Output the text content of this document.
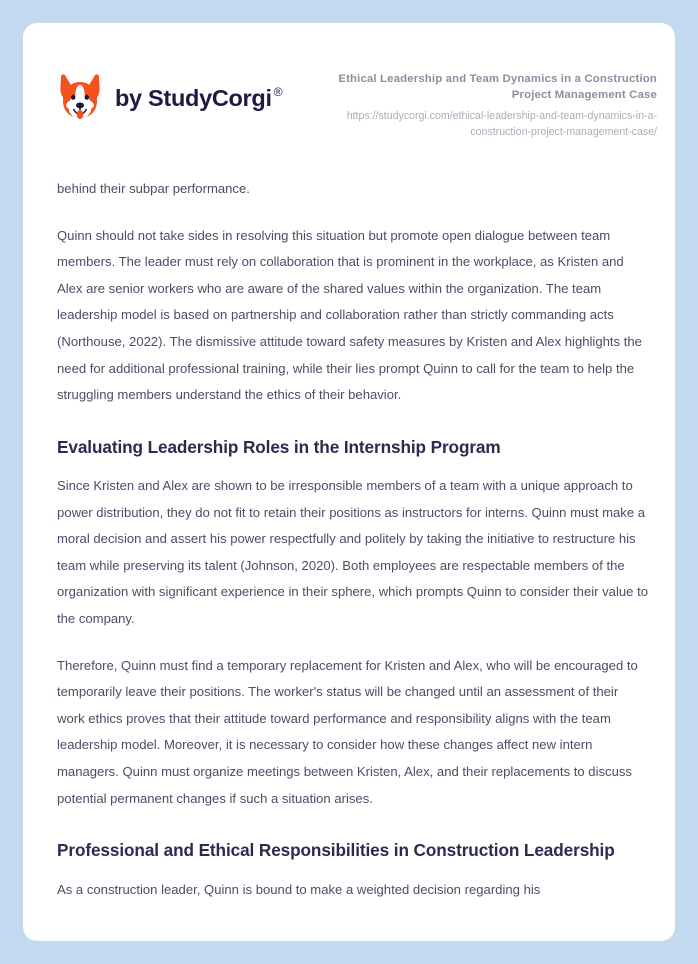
by StudyCorgi ®

Ethical Leadership and Team Dynamics in a Construction Project Management Case

https://studycorgi.com/ethical-leadership-and-team-dynamics-in-a-construction-project-management-case/

behind their subpar performance.

Quinn should not take sides in resolving this situation but promote open dialogue between team members. The leader must rely on collaboration that is prominent in the workplace, as Kristen and Alex are senior workers who are aware of the shared values within the organization. The team leadership model is based on partnership and collaboration rather than strictly commanding acts (Northouse, 2022). The dismissive attitude toward safety measures by Kristen and Alex highlights the need for additional professional training, while their lies prompt Quinn to call for the team to help the struggling members understand the ethics of their behavior.

Evaluating Leadership Roles in the Internship Program

Since Kristen and Alex are shown to be irresponsible members of a team with a unique approach to power distribution, they do not fit to retain their positions as instructors for interns. Quinn must make a moral decision and assert his power respectfully and politely by taking the initiative to restructure his team while preserving its talent (Johnson, 2020). Both employees are respectable members of the organization with significant experience in their sphere, which prompts Quinn to consider their value to the company.

Therefore, Quinn must find a temporary replacement for Kristen and Alex, who will be encouraged to temporarily leave their positions. The worker's status will be changed until an assessment of their work ethics proves that their attitude toward performance and responsibility aligns with the team leadership model. Moreover, it is necessary to consider how these changes affect new intern managers. Quinn must organize meetings between Kristen, Alex, and their replacements to discuss potential permanent changes if such a situation arises.

Professional and Ethical Responsibilities in Construction Leadership

As a construction leader, Quinn is bound to make a weighted decision regarding his
